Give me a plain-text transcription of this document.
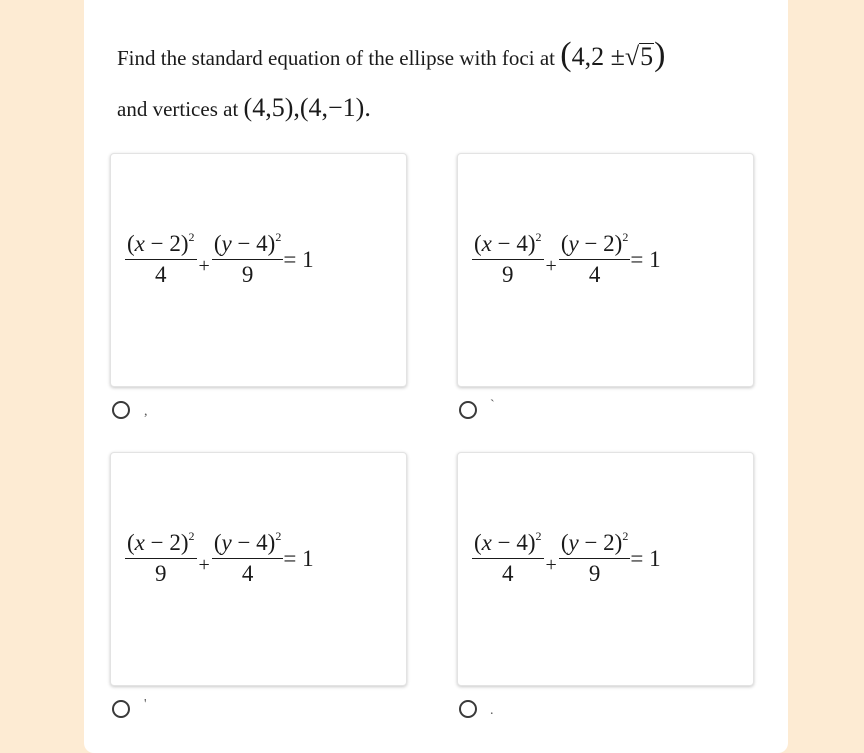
Find the standard equation of the ellipse with foci at (4,2 ±√5)
and vertices at (4,5),(4,−1).
$\frac{(x - 2)^2}{4} + \frac{(y - 4)^2}{9} = 1$
,
$\frac{(x - 4)^2}{9} + \frac{(y - 2)^2}{4} = 1$
`
$\frac{(x - 2)^2}{9} + \frac{(y - 4)^2}{4} = 1$
'
$\frac{(x - 4)^2}{4} + \frac{(y - 2)^2}{9} = 1$
.
